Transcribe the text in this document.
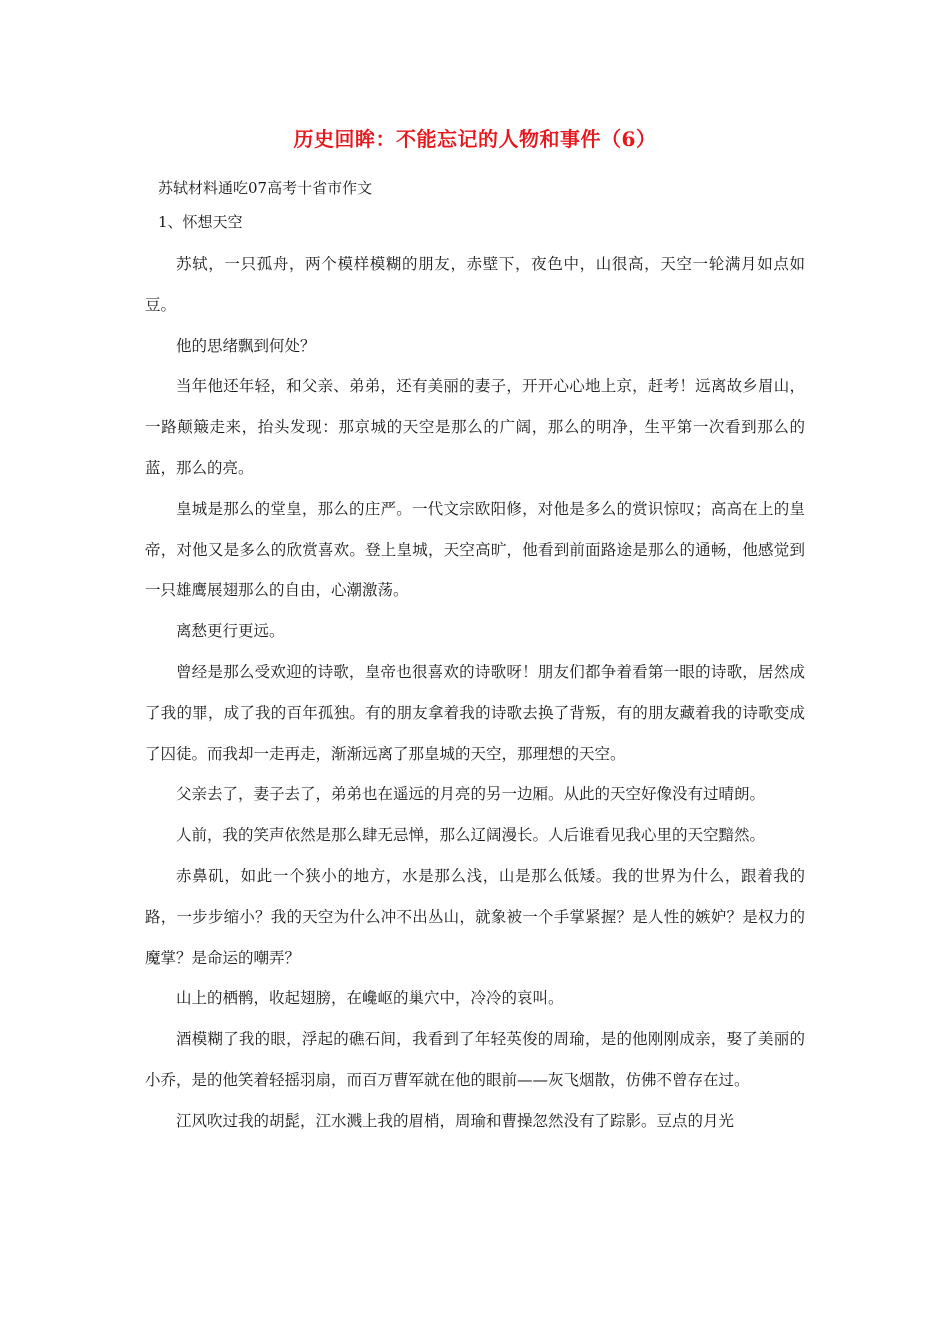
历史回眸：不能忘记的人物和事件（6）
苏轼材料通吃07高考十省市作文
1、怀想天空

苏轼，一只孤舟，两个模样模糊的朋友，赤壁下，夜色中，山很高，天空一轮满月如点如豆。

他的思绪飘到何处？

当年他还年轻，和父亲、弟弟，还有美丽的妻子，开开心心地上京，赶考！远离故乡眉山，一路颠簸走来，抬头发现：那京城的天空是那么的广阔，那么的明净，生平第一次看到那么的蓝，那么的亮。

皇城是那么的堂皇，那么的庄严。一代文宗欧阳修，对他是多么的赏识惊叹；高高在上的皇帝，对他又是多么的欣赏喜欢。登上皇城，天空高旷，他看到前面路途是那么的通畅，他感觉到一只雄鹰展翅那么的自由，心潮激荡。

离愁更行更远。

曾经是那么受欢迎的诗歌，皇帝也很喜欢的诗歌呀！朋友们都争着看第一眼的诗歌，居然成了我的罪，成了我的百年孤独。有的朋友拿着我的诗歌去换了背叛，有的朋友藏着我的诗歌变成了囚徒。而我却一走再走，渐渐远离了那皇城的天空，那理想的天空。

父亲去了，妻子去了，弟弟也在遥远的月亮的另一边厢。从此的天空好像没有过晴朗。

人前，我的笑声依然是那么肆无忌惮，那么辽阔漫长。人后谁看见我心里的天空黯然。

赤鼻矶，如此一个狭小的地方，水是那么浅，山是那么低矮。我的世界为什么，跟着我的路，一步步缩小？我的天空为什么冲不出丛山，就象被一个手掌紧握？是人性的嫉妒？是权力的魔掌？是命运的嘲弄？

山上的栖鹘，收起翅膀，在巉岖的巢穴中，冷冷的哀叫。

酒模糊了我的眼，浮起的礁石间，我看到了年轻英俊的周瑜，是的他刚刚成亲，娶了美丽的小乔，是的他笑着轻摇羽扇，而百万曹军就在他的眼前——灰飞烟散，仿佛不曾存在过。

江风吹过我的胡髭，江水溅上我的眉梢，周瑜和曹操忽然没有了踪影。豆点的月光
